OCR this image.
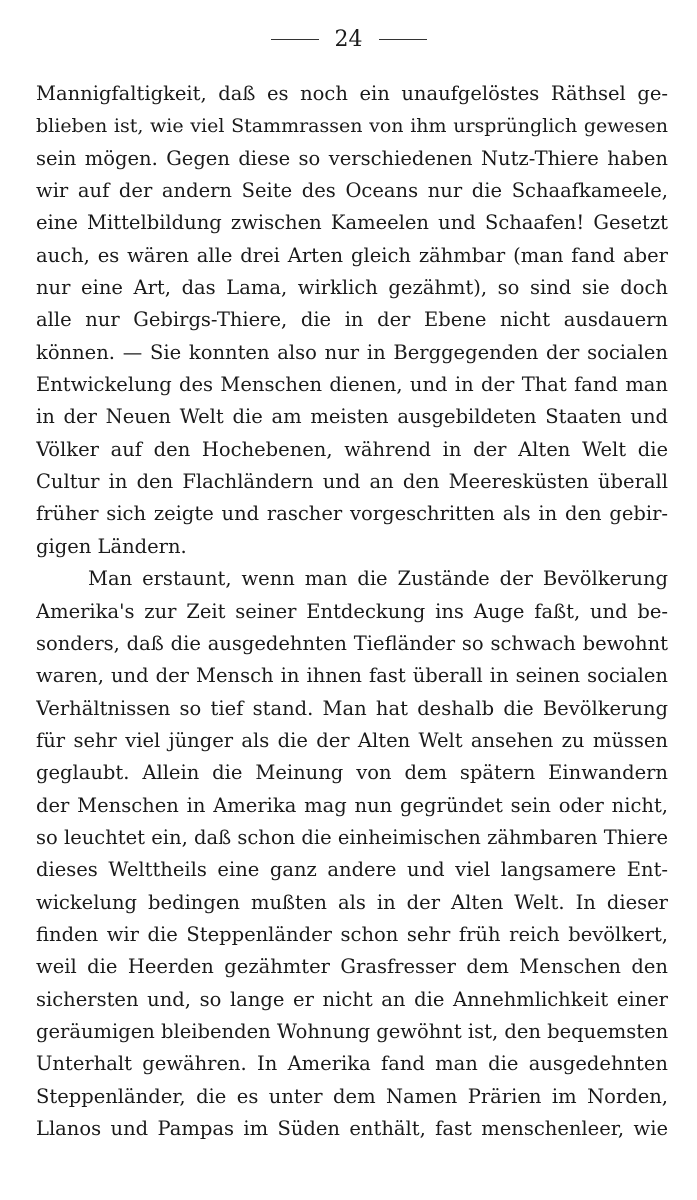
24
Mannigfaltigkeit, daß es noch ein unaufgelöstes Räthsel ge-
blieben ist, wie viel Stammrassen von ihm ursprünglich gewesen
sein mögen. Gegen diese so verschiedenen Nutz-Thiere haben
wir auf der andern Seite des Oceans nur die Schaafkameele,
eine Mittelbildung zwischen Kameelen und Schaafen! Gesetzt
auch, es wären alle drei Arten gleich zähmbar (man fand aber
nur eine Art, das Lama, wirklich gezähmt), so sind sie doch
alle nur Gebirgs-Thiere, die in der Ebene nicht ausdauern
können. — Sie konnten also nur in Berggegenden der socialen
Entwickelung des Menschen dienen, und in der That fand man
in der Neuen Welt die am meisten ausgebildeten Staaten und
Völker auf den Hochebenen, während in der Alten Welt die
Cultur in den Flachländern und an den Meeresküsten überall
früher sich zeigte und rascher vorgeschritten als in den gebir-
gigen Ländern.
Man erstaunt, wenn man die Zustände der Bevölkerung
Amerika's zur Zeit seiner Entdeckung ins Auge faßt, und be-
sonders, daß die ausgedehnten Tiefländer so schwach bewohnt
waren, und der Mensch in ihnen fast überall in seinen socialen
Verhältnissen so tief stand. Man hat deshalb die Bevölkerung
für sehr viel jünger als die der Alten Welt ansehen zu müssen
geglaubt. Allein die Meinung von dem spätern Einwandern
der Menschen in Amerika mag nun gegründet sein oder nicht,
so leuchtet ein, daß schon die einheimischen zähmbaren Thiere
dieses Welttheils eine ganz andere und viel langsamere Ent-
wickelung bedingen mußten als in der Alten Welt. In dieser
finden wir die Steppenländer schon sehr früh reich bevölkert,
weil die Heerden gezähmter Grasfresser dem Menschen den
sichersten und, so lange er nicht an die Annehmlichkeit einer
geräumigen bleibenden Wohnung gewöhnt ist, den bequemsten
Unterhalt gewähren. In Amerika fand man die ausgedehnten
Steppenländer, die es unter dem Namen Prärien im Norden,
Llanos und Pampas im Süden enthält, fast menschenleer, wie
